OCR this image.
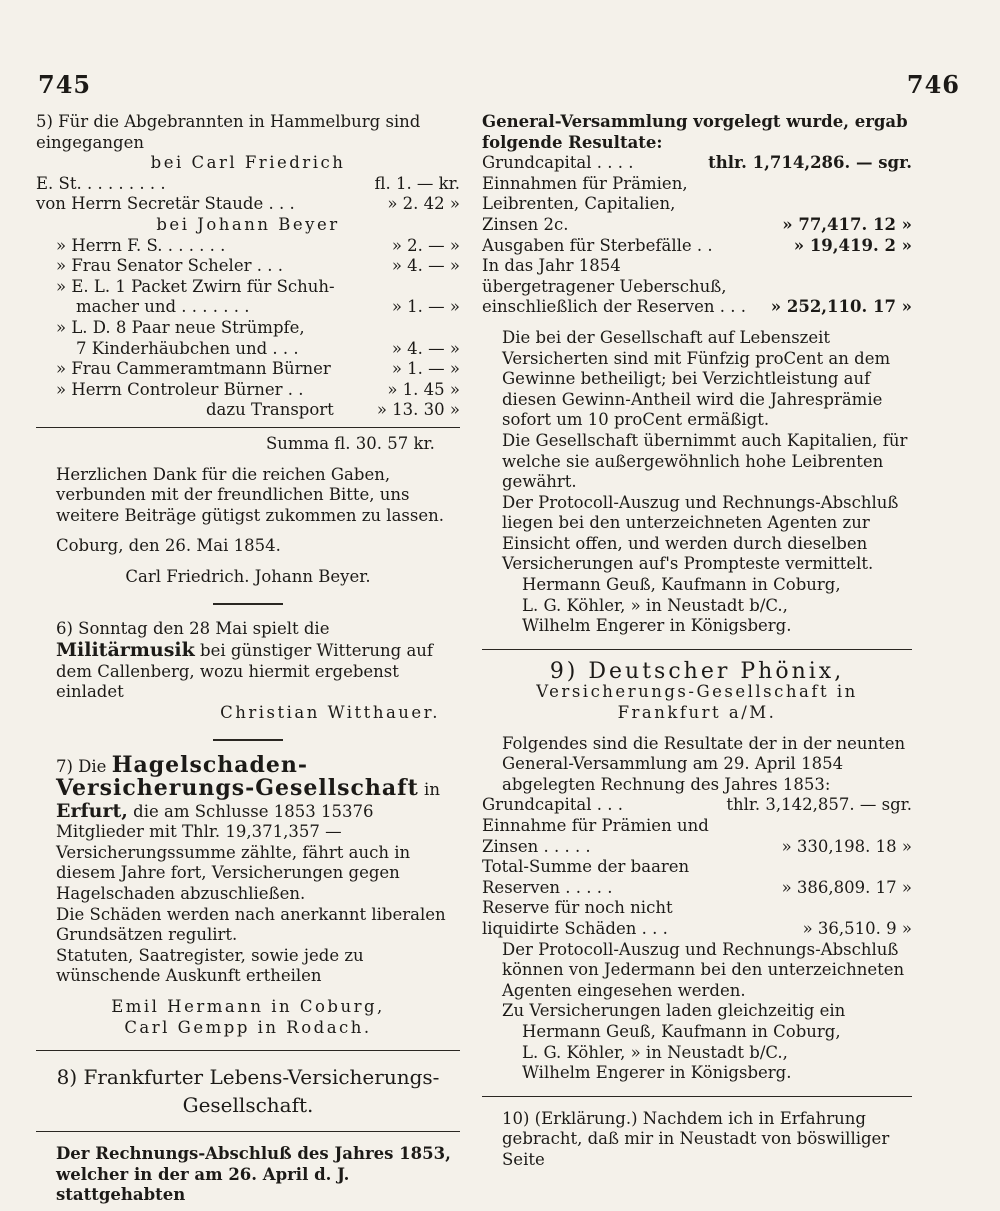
745	746

5) Für die Abgebrannten in Hammelburg sind eingegangen

bei Carl Friedrich

E. St. . . . . . . . .	fl. 1. — kr.
von Herrn Secretär Staude . . .	» 2. 42 »

bei Johann Beyer

» Herrn F. S. . . . . . .	» 2. — »
» Frau Senator Scheler . . .	» 4. — »
» E. L. 1 Packet Zwirn für Schuh-
macher und . . . . . . .	» 1. — »
» L. D. 8 Paar neue Strümpfe,
7 Kinderhäubchen und . . .	» 4. — »
» Frau Cammeramtmann Bürner	» 1. — »
» Herrn Controleur Bürner . .	» 1. 45 »
dazu Transport	» 13. 30 »

Summa fl. 30. 57 kr.

Herzlichen Dank für die reichen Gaben, verbunden mit der freundlichen Bitte, uns weitere Beiträge gütigst zukommen zu lassen.

Coburg, den 26. Mai 1854.

Carl Friedrich. Johann Beyer.

6) Sonntag den 28 Mai spielt die Militärmusik bei günstiger Witterung auf dem Callenberg, wozu hiermit ergebenst einladet

Christian Witthauer.

7) Die Hagelschaden-Versicherungs-Gesellschaft in Erfurt, die am Schlusse 1853 15376 Mitglieder mit Thlr. 19,371,357 — Versicherungssumme zählte, fährt auch in diesem Jahre fort, Versicherungen gegen Hagelschaden abzuschließen.

Die Schäden werden nach anerkannt liberalen Grundsätzen regulirt.

Statuten, Saatregister, sowie jede zu wünschende Auskunft ertheilen

Emil Hermann in Coburg,

Carl Gempp in Rodach.

8) Frankfurter Lebens-Versicherungs-Gesellschaft.

Der Rechnungs-Abschluß des Jahres 1853, welcher in der am 26. April d. J. stattgehabten

General-Versammlung vorgelegt wurde, ergab folgende Resultate:

Grundcapital . . . .	thlr. 1,714,286. — sgr.
Einnahmen für Prämien, Leibrenten, Capitalien, Zinsen 2c.	» 77,417. 12 »
Ausgaben für Sterbefälle . .	» 19,419. 2 »
In das Jahr 1854 übergetragener Ueberschuß, einschließlich der Reserven . . .	» 252,110. 17 »

Die bei der Gesellschaft auf Lebenszeit Versicherten sind mit Fünfzig proCent an dem Gewinne betheiligt; bei Verzichtleistung auf diesen Gewinn-Antheil wird die Jahresprämie sofort um 10 proCent ermäßigt.

Die Gesellschaft übernimmt auch Kapitalien, für welche sie außergewöhnlich hohe Leibrenten gewährt.

Der Protocoll-Auszug und Rechnungs-Abschluß liegen bei den unterzeichneten Agenten zur Einsicht offen, und werden durch dieselben Versicherungen auf's Prompteste vermittelt.

Hermann Geuß, Kaufmann in Coburg,

L. G. Köhler, » in Neustadt b/C.,

Wilhelm Engerer in Königsberg.

9) Deutscher Phönix,

Versicherungs-Gesellschaft in Frankfurt a/M.

Folgendes sind die Resultate der in der neunten General-Versammlung am 29. April 1854 abgelegten Rechnung des Jahres 1853:

Grundcapital . . .	thlr. 3,142,857. — sgr.
Einnahme für Prämien und Zinsen . . . . .	» 330,198. 18 »
Total-Summe der baaren Reserven . . . . .	» 386,809. 17 »
Reserve für noch nicht liquidirte Schäden . . .	» 36,510. 9 »

Der Protocoll-Auszug und Rechnungs-Abschluß können von Jedermann bei den unterzeichneten Agenten eingesehen werden.

Zu Versicherungen laden gleichzeitig ein

Hermann Geuß, Kaufmann in Coburg,

L. G. Köhler, » in Neustadt b/C.,

Wilhelm Engerer in Königsberg.

10) (Erklärung.) Nachdem ich in Erfahrung gebracht, daß mir in Neustadt von böswilliger Seite
